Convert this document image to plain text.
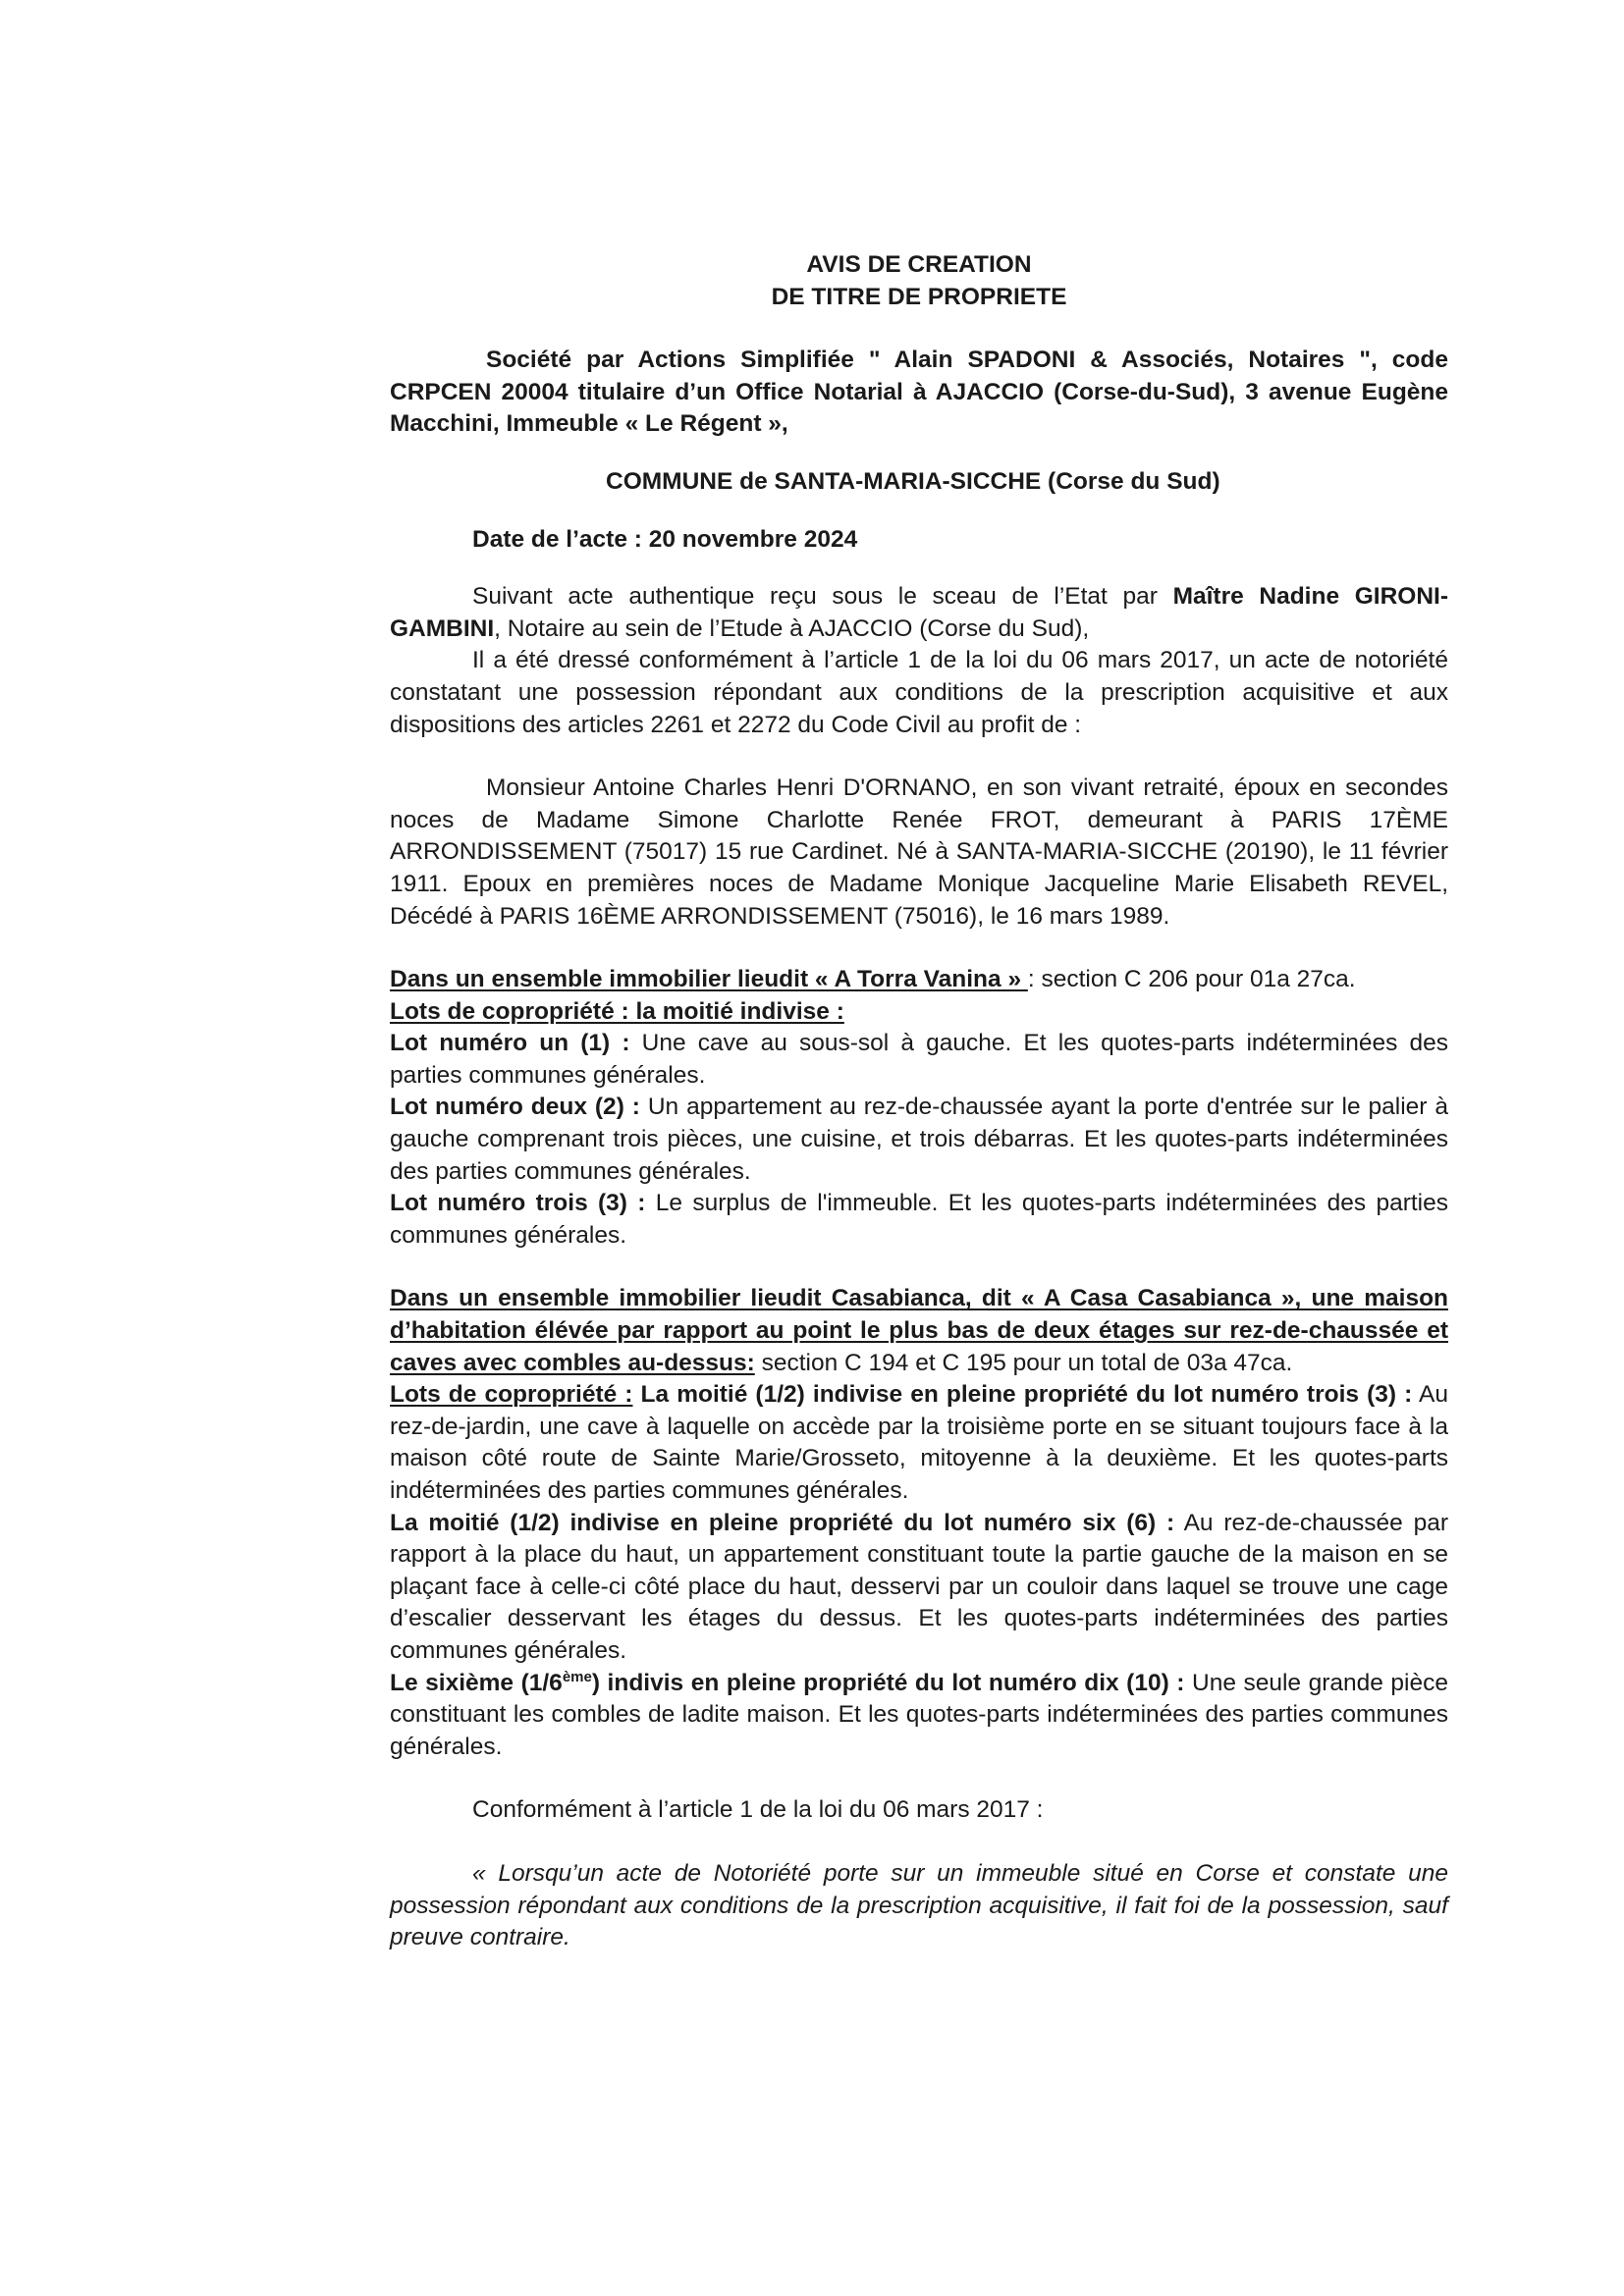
AVIS DE CREATION

DE TITRE DE PROPRIETE

Société par Actions Simplifiée " Alain SPADONI & Associés, Notaires ", code CRPCEN 20004 titulaire d’un Office Notarial à AJACCIO (Corse-du-Sud), 3 avenue Eugène Macchini, Immeuble « Le Régent »,

COMMUNE de SANTA-MARIA-SICCHE (Corse du Sud)

Date de l’acte : 20 novembre 2024

Suivant acte authentique reçu sous le sceau de l’Etat par Maître Nadine GIRONI-GAMBINI, Notaire au sein de l’Etude à AJACCIO (Corse du Sud),

Il a été dressé conformément à l’article 1 de la loi du 06 mars 2017, un acte de notoriété constatant une possession répondant aux conditions de la prescription acquisitive et aux dispositions des articles 2261 et 2272 du Code Civil au profit de :

Monsieur Antoine Charles Henri D'ORNANO, en son vivant retraité, époux en secondes noces de Madame Simone Charlotte Renée FROT, demeurant à PARIS 17ÈME ARRONDISSEMENT (75017) 15 rue Cardinet. Né à SANTA-MARIA-SICCHE (20190), le 11 février 1911. Epoux en premières noces de Madame Monique Jacqueline Marie Elisabeth REVEL, Décédé à PARIS 16ÈME ARRONDISSEMENT (75016), le 16 mars 1989.

Dans un ensemble immobilier lieudit « A Torra Vanina » : section C 206 pour 01a 27ca.

Lots de copropriété : la moitié indivise :

Lot numéro un (1) : Une cave au sous-sol à gauche. Et les quotes-parts indéterminées des parties communes générales.

Lot numéro deux (2) : Un appartement au rez-de-chaussée ayant la porte d'entrée sur le palier à gauche comprenant trois pièces, une cuisine, et trois débarras. Et les quotes-parts indéterminées des parties communes générales.

Lot numéro trois (3) : Le surplus de l'immeuble. Et les quotes-parts indéterminées des parties communes générales.

Dans un ensemble immobilier lieudit Casabianca, dit « A Casa Casabianca », une maison d’habitation élévée par rapport au point le plus bas de deux étages sur rez-de-chaussée et caves avec combles au-dessus: section C 194 et C 195 pour un total de 03a 47ca.

Lots de copropriété : La moitié (1/2) indivise en pleine propriété du lot numéro trois (3) : Au rez-de-jardin, une cave à laquelle on accède par la troisième porte en se situant toujours face à la maison côté route de Sainte Marie/Grosseto, mitoyenne à la deuxième. Et les quotes-parts indéterminées des parties communes générales.

La moitié (1/2) indivise en pleine propriété du lot numéro six (6) : Au rez-de-chaussée par rapport à la place du haut, un appartement constituant toute la partie gauche de la maison en se plaçant face à celle-ci côté place du haut, desservi par un couloir dans laquel se trouve une cage d’escalier desservant les étages du dessus. Et les quotes-parts indéterminées des parties communes générales.

Le sixième (1/6ème) indivis en pleine propriété du lot numéro dix (10) : Une seule grande pièce constituant les combles de ladite maison. Et les quotes-parts indéterminées des parties communes générales.

Conformément à l’article 1 de la loi du 06 mars 2017 :

« Lorsqu’un acte de Notoriété porte sur un immeuble situé en Corse et constate une possession répondant aux conditions de la prescription acquisitive, il fait foi de la possession, sauf preuve contraire.
